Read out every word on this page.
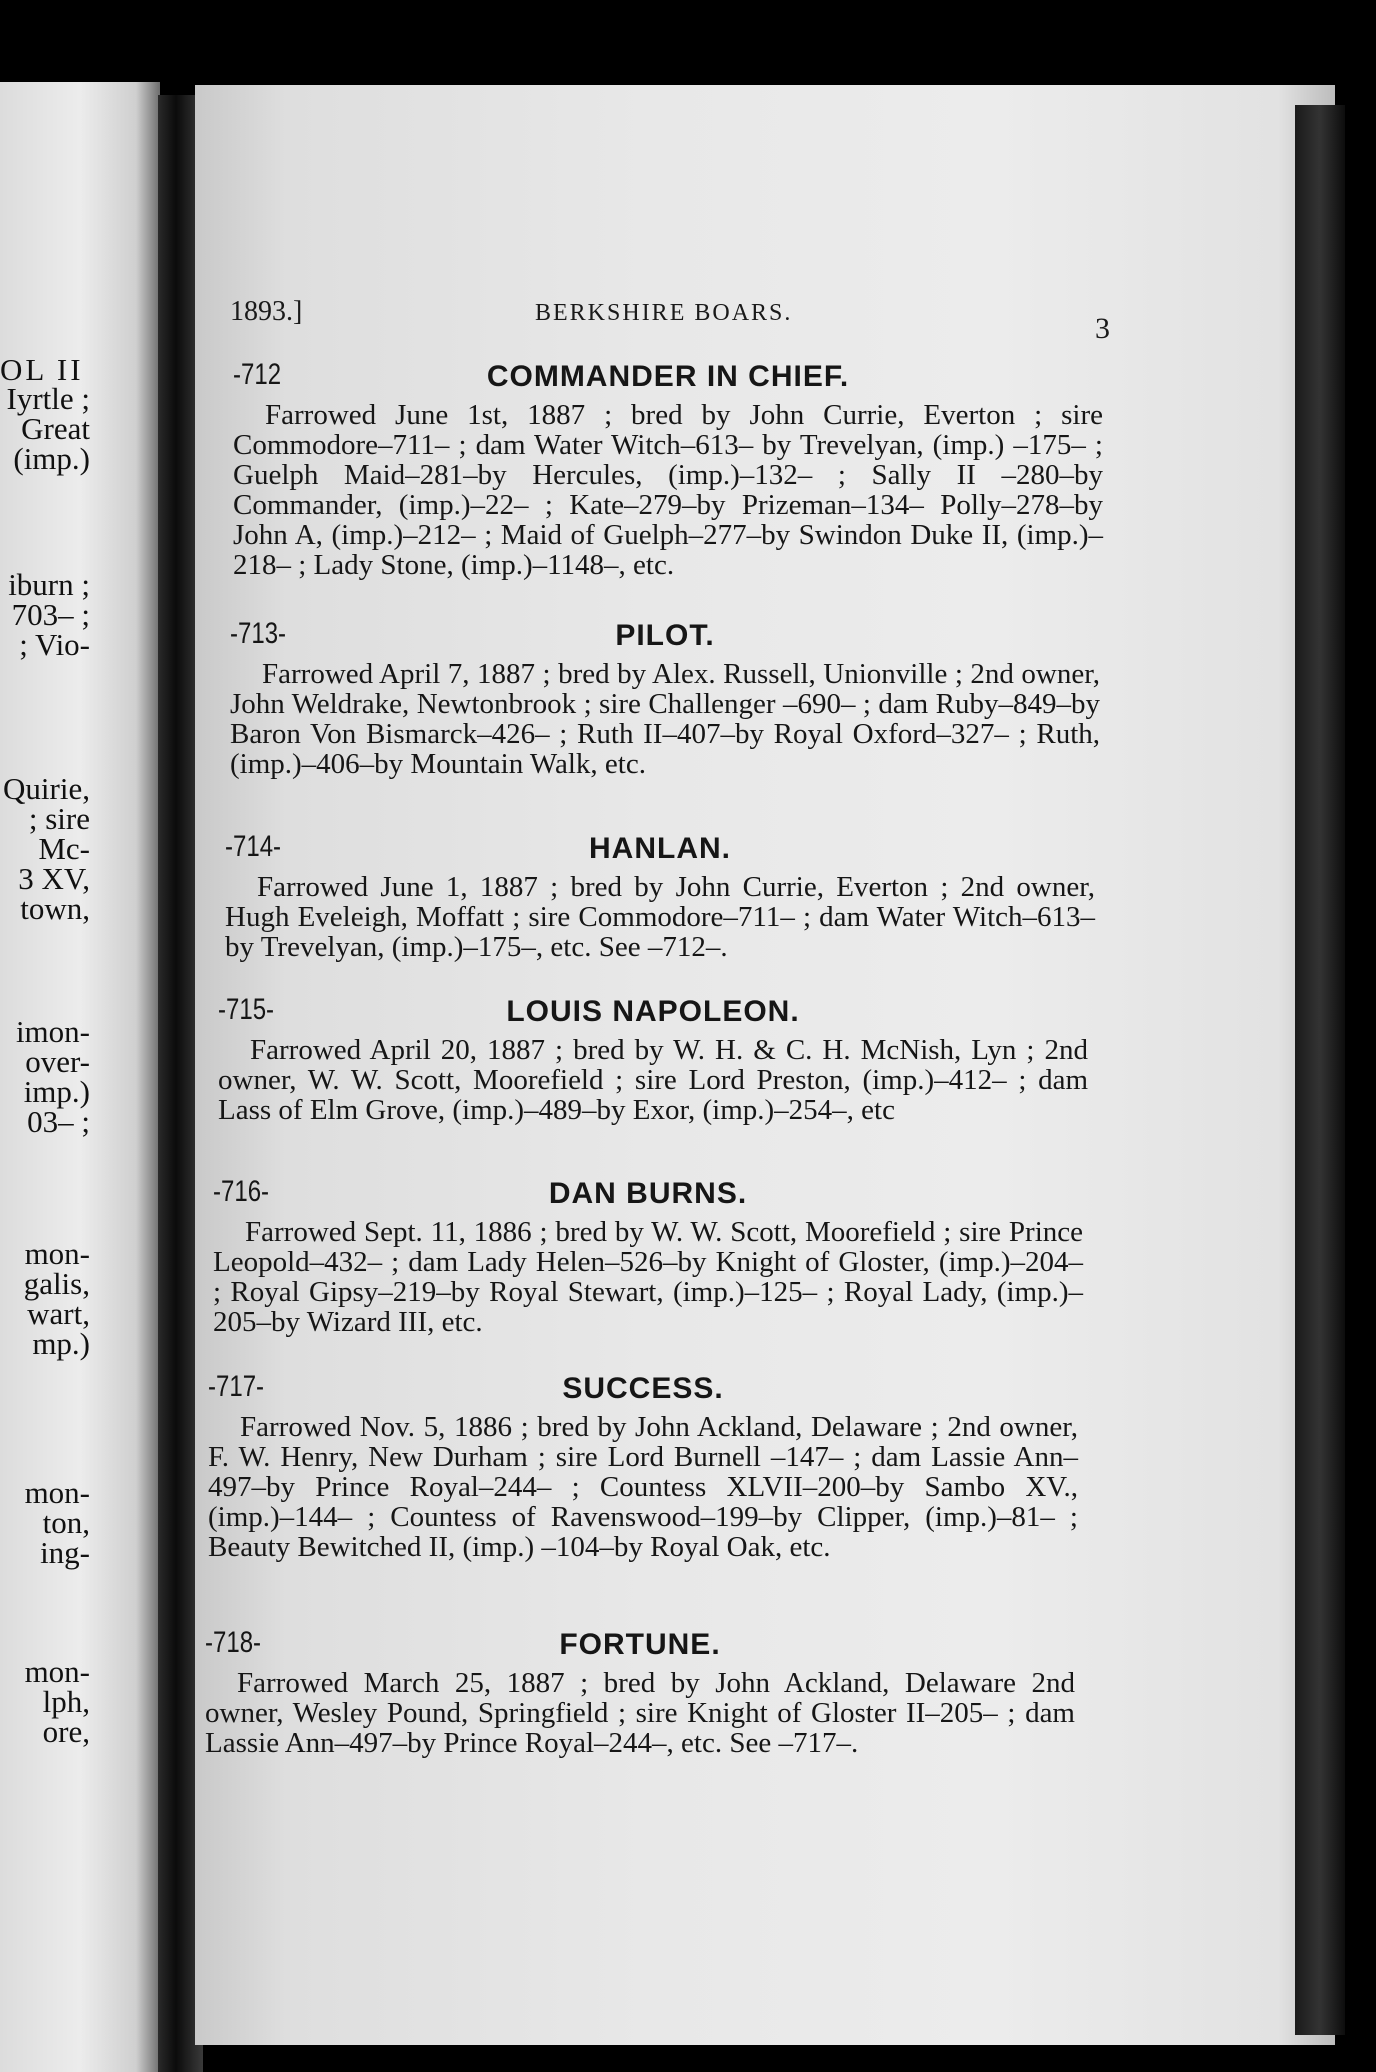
OL II
Iyrtle ;
Great
(imp.)
iburn ;
703– ;
; Vio-
Quirie,
; sire
Mc-
3 XV,
town,
imon-
over-
imp.)
03– ;
mon-
galis,
wart,
mp.)
mon-
ton,
ing-
mon-
lph,
ore,
1893.]	BERKSHIRE BOARS.	3
-712	COMMANDER IN CHIEF.
Farrowed June 1st, 1887 ; bred by John Currie, Everton ; sire Commodore–711– ; dam Water Witch–613– by Trevelyan, (imp.) –175– ; Guelph Maid–281–by Hercules, (imp.)–132– ; Sally II –280–by Commander, (imp.)–22– ; Kate–279–by Prizeman–134– Polly–278–by John A, (imp.)–212– ; Maid of Guelph–277–by Swindon Duke II, (imp.)–218– ; Lady Stone, (imp.)–1148–, etc.
-713-	PILOT.
Farrowed April 7, 1887 ; bred by Alex. Russell, Unionville ; 2nd owner, John Weldrake, Newtonbrook ; sire Challenger –690– ; dam Ruby–849–by Baron Von Bismarck–426– ; Ruth II–407–by Royal Oxford–327– ; Ruth, (imp.)–406–by Mountain Walk, etc.
-714-	HANLAN.
Farrowed June 1, 1887 ; bred by John Currie, Everton ; 2nd owner, Hugh Eveleigh, Moffatt ; sire Commodore–711– ; dam Water Witch–613–by Trevelyan, (imp.)–175–, etc. See –712–.
-715-	LOUIS NAPOLEON.
Farrowed April 20, 1887 ; bred by W. H. & C. H. McNish, Lyn ; 2nd owner, W. W. Scott, Moorefield ; sire Lord Preston, (imp.)–412– ; dam Lass of Elm Grove, (imp.)–489–by Exor, (imp.)–254–, etc
-716-	DAN BURNS.
Farrowed Sept. 11, 1886 ; bred by W. W. Scott, Moorefield ; sire Prince Leopold–432– ; dam Lady Helen–526–by Knight of Gloster, (imp.)–204– ; Royal Gipsy–219–by Royal Stewart, (imp.)–125– ; Royal Lady, (imp.)–205–by Wizard III, etc.
-717-	SUCCESS.
Farrowed Nov. 5, 1886 ; bred by John Ackland, Delaware ; 2nd owner, F. W. Henry, New Durham ; sire Lord Burnell –147– ; dam Lassie Ann–497–by Prince Royal–244– ; Countess XLVII–200–by Sambo XV., (imp.)–144– ; Countess of Ravenswood–199–by Clipper, (imp.)–81– ; Beauty Bewitched II, (imp.) –104–by Royal Oak, etc.
-718-	FORTUNE.
Farrowed March 25, 1887 ; bred by John Ackland, Delaware 2nd owner, Wesley Pound, Springfield ; sire Knight of Gloster II–205– ; dam Lassie Ann–497–by Prince Royal–244–, etc. See –717–.
